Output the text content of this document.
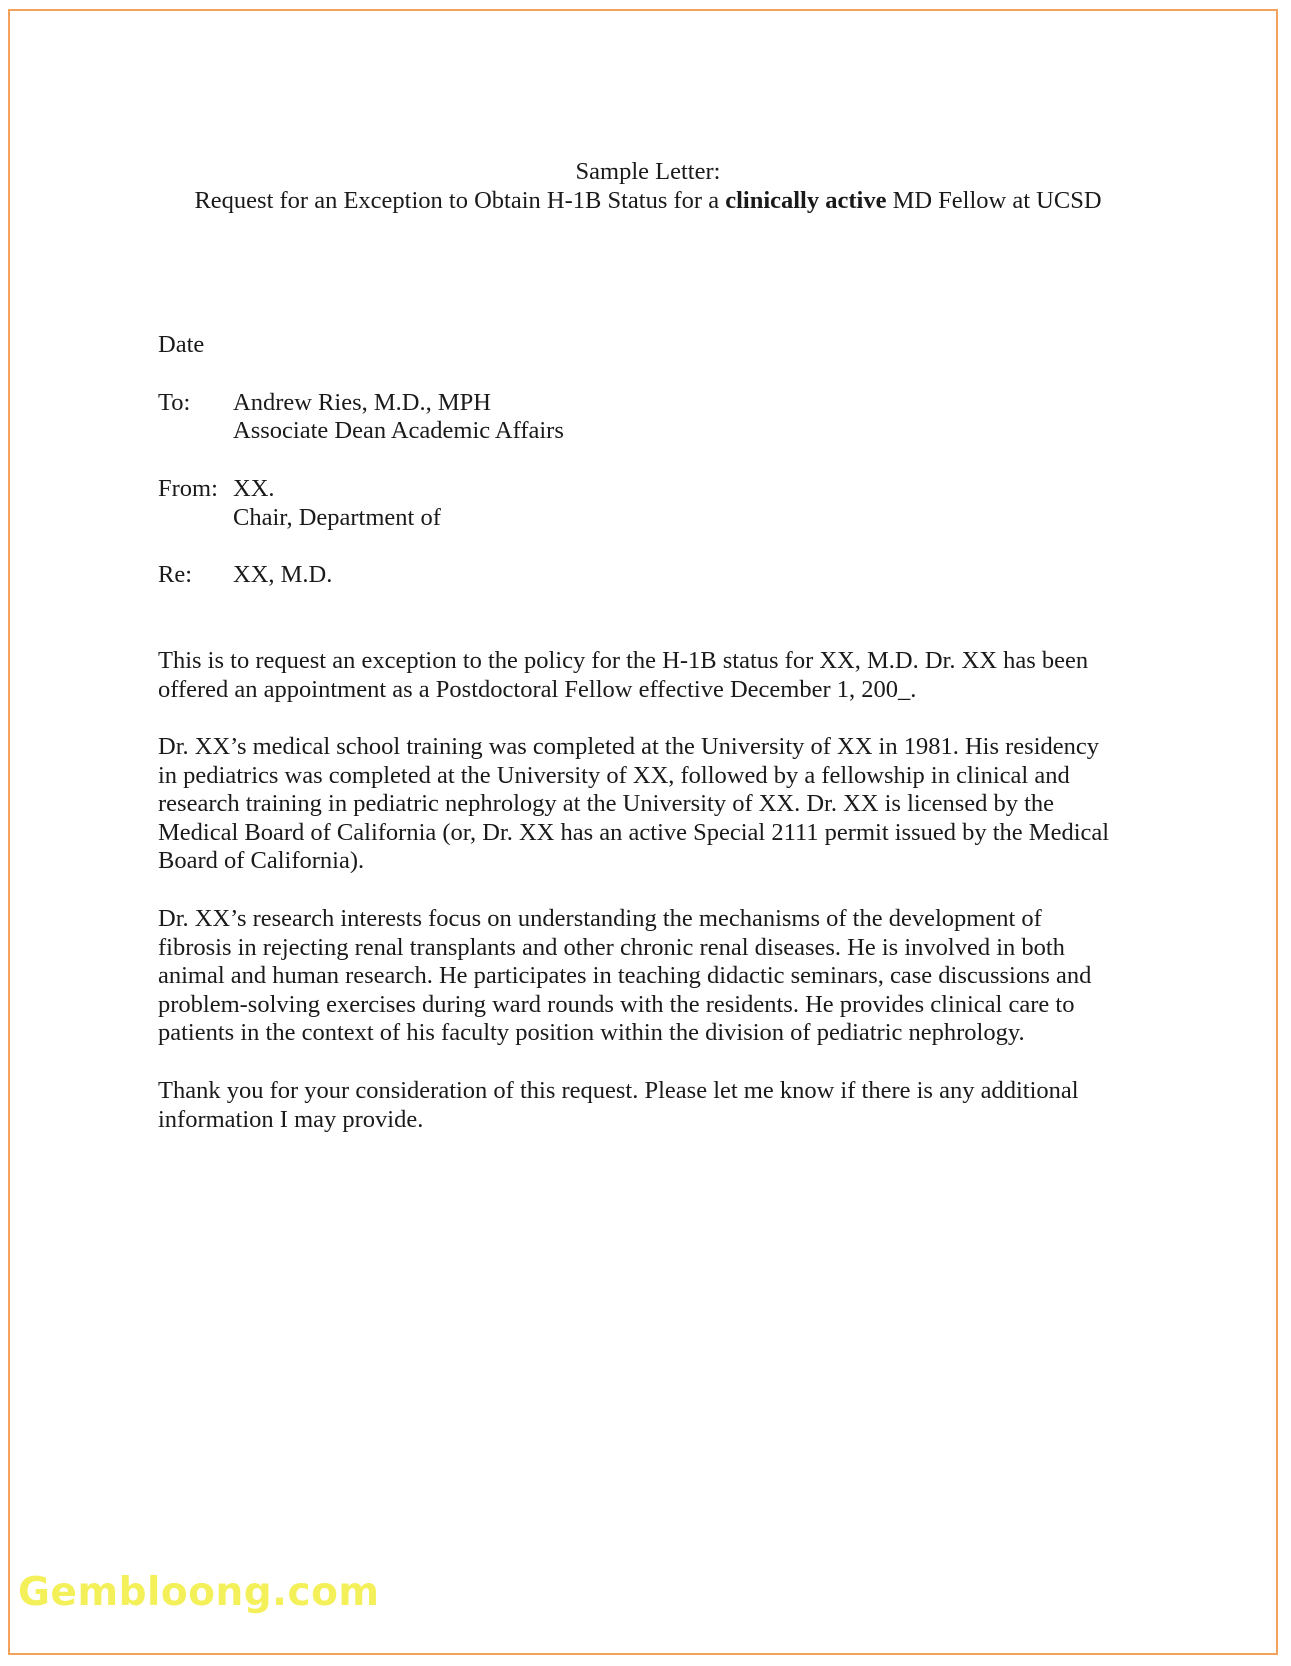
Sample Letter:
Request for an Exception to Obtain H-1B Status for a clinically active MD Fellow at UCSD
Date
To: Andrew Ries, M.D., MPH
Associate Dean Academic Affairs
From: XX.
Chair, Department of
Re: XX, M.D.
This is to request an exception to the policy for the H-1B status for XX, M.D. Dr. XX has been
offered an appointment as a Postdoctoral Fellow effective December 1, 200_.
Dr. XX’s medical school training was completed at the University of XX in 1981. His residency
in pediatrics was completed at the University of XX, followed by a fellowship in clinical and
research training in pediatric nephrology at the University of XX. Dr. XX is licensed by the
Medical Board of California (or, Dr. XX has an active Special 2111 permit issued by the Medical
Board of California).
Dr. XX’s research interests focus on understanding the mechanisms of the development of
fibrosis in rejecting renal transplants and other chronic renal diseases. He is involved in both
animal and human research. He participates in teaching didactic seminars, case discussions and
problem-solving exercises during ward rounds with the residents. He provides clinical care to
patients in the context of his faculty position within the division of pediatric nephrology.
Thank you for your consideration of this request. Please let me know if there is any additional
information I may provide.
Gembloong.com
